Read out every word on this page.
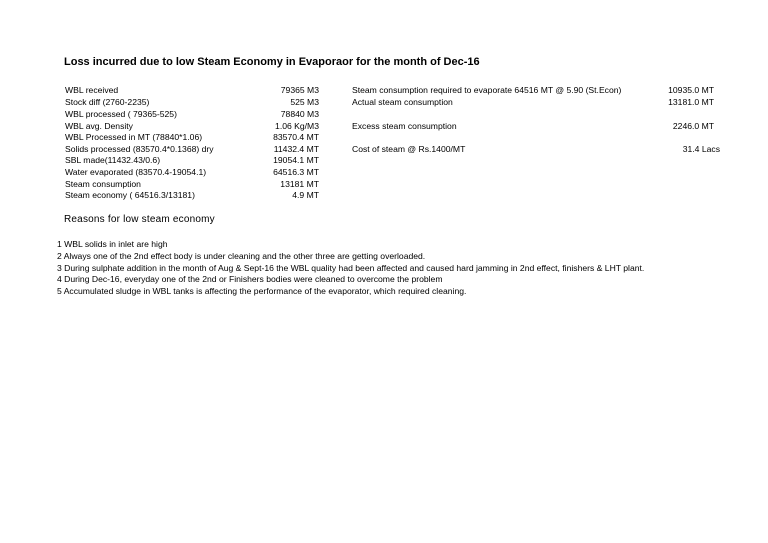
Loss incurred due to low Steam Economy in Evaporaor for the month of Dec-16
WBL received	79365 M3
Stock diff (2760-2235)	525 M3
WBL processed ( 79365-525)	78840 M3
WBL avg. Density	1.06 Kg/M3
WBL Processed in MT (78840*1.06)	83570.4 MT
Solids processed (83570.4*0.1368) dry	11432.4 MT
SBL made(11432.43/0.6)	19054.1 MT
Water evaporated (83570.4-19054.1)	64516.3 MT
Steam consumption	13181 MT
Steam economy ( 64516.3/13181)	4.9 MT
Steam consumption required to evaporate 64516 MT @ 5.90 (St.Econ)	10935.0 MT
Actual steam consumption	13181.0 MT
Excess steam consumption	2246.0 MT
Cost of steam @ Rs.1400/MT	31.4 Lacs
Reasons for low steam economy
1 WBL solids in inlet are high
2 Always one of the 2nd effect body is under cleaning and the other three are getting overloaded.
3 During sulphate addition in the month of Aug & Sept-16 the WBL quality had been affected and caused hard jamming in 2nd effect, finishers & LHT plant.
4 During Dec-16, everyday one of the 2nd or Finishers bodies were cleaned to overcome the problem
5 Accumulated sludge in WBL tanks is affecting the performance of the evaporator, which required cleaning.
